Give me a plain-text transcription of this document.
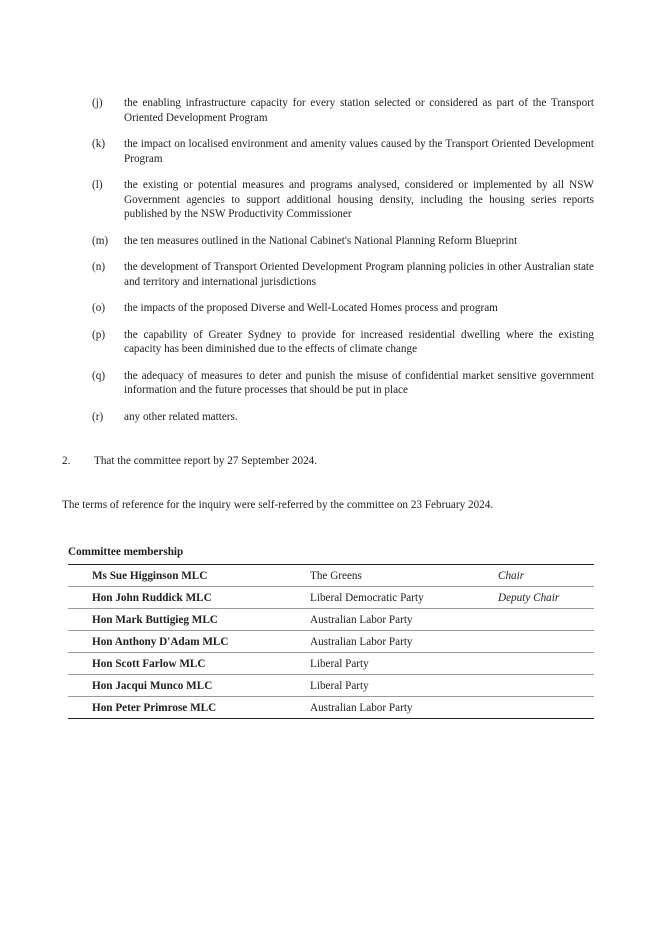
(j)	the enabling infrastructure capacity for every station selected or considered as part of the Transport Oriented Development Program
(k)	the impact on localised environment and amenity values caused by the Transport Oriented Development Program
(l)	the existing or potential measures and programs analysed, considered or implemented by all NSW Government agencies to support additional housing density, including the housing series reports published by the NSW Productivity Commissioner
(m)	the ten measures outlined in the National Cabinet's National Planning Reform Blueprint
(n)	the development of Transport Oriented Development Program planning policies in other Australian state and territory and international jurisdictions
(o)	the impacts of the proposed Diverse and Well-Located Homes process and program
(p)	the capability of Greater Sydney to provide for increased residential dwelling where the existing capacity has been diminished due to the effects of climate change
(q)	the adequacy of measures to deter and punish the misuse of confidential market sensitive government information and the future processes that should be put in place
(r)	any other related matters.
2.	That the committee report by 27 September 2024.
The terms of reference for the inquiry were self-referred by the committee on 23 February 2024.
Committee membership
Ms Sue Higginson MLC	The Greens	Chair
Hon John Ruddick MLC	Liberal Democratic Party	Deputy Chair
Hon Mark Buttigieg MLC	Australian Labor Party	
Hon Anthony D'Adam MLC	Australian Labor Party	
Hon Scott Farlow MLC	Liberal Party	
Hon Jacqui Munco MLC	Liberal Party	
Hon Peter Primrose MLC	Australian Labor Party	
